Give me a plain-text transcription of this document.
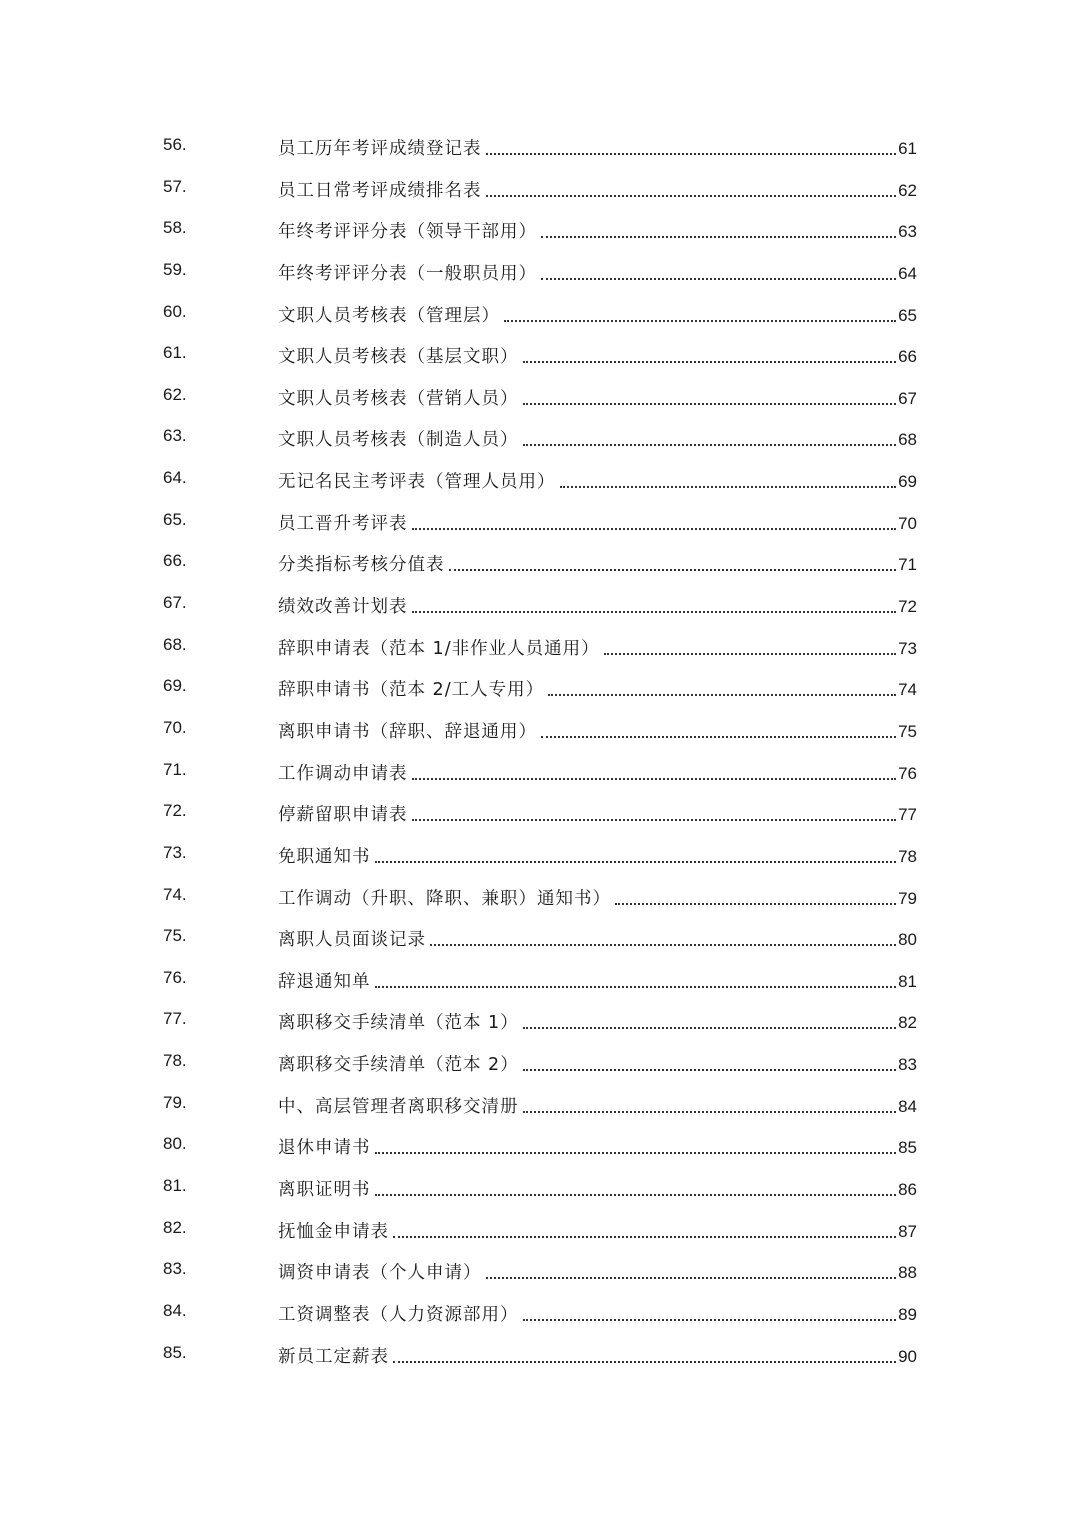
56.	员工历年考评成绩登记表	61
57.	员工日常考评成绩排名表	62
58.	年终考评评分表（领导干部用）	63
59.	年终考评评分表（一般职员用）	64
60.	文职人员考核表（管理层）	65
61.	文职人员考核表（基层文职）	66
62.	文职人员考核表（营销人员）	67
63.	文职人员考核表（制造人员）	68
64.	无记名民主考评表（管理人员用）	69
65.	员工晋升考评表	70
66.	分类指标考核分值表	71
67.	绩效改善计划表	72
68.	辞职申请表（范本 1/非作业人员通用）	73
69.	辞职申请书（范本 2/工人专用）	74
70.	离职申请书（辞职、辞退通用）	75
71.	工作调动申请表	76
72.	停薪留职申请表	77
73.	免职通知书	78
74.	工作调动（升职、降职、兼职）通知书）	79
75.	离职人员面谈记录	80
76.	辞退通知单	81
77.	离职移交手续清单（范本 1）	82
78.	离职移交手续清单（范本 2）	83
79.	中、高层管理者离职移交清册	84
80.	退休申请书	85
81.	离职证明书	86
82.	抚恤金申请表	87
83.	调资申请表（个人申请）	88
84.	工资调整表（人力资源部用）	89
85.	新员工定薪表	90
